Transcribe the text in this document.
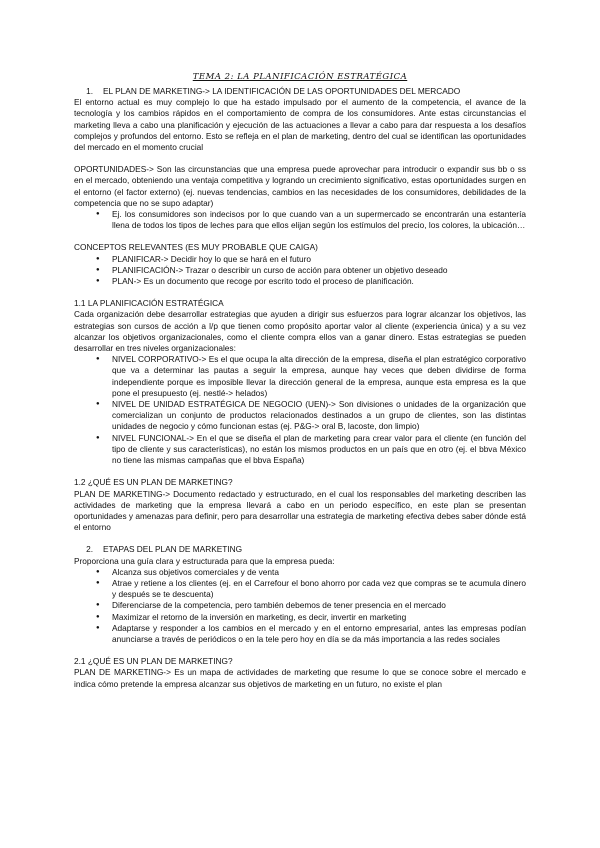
TEMA 2: LA PLANIFICACIÓN ESTRATÉGICA
1. EL PLAN DE MARKETING-> LA IDENTIFICACIÓN DE LAS OPORTUNIDADES DEL MERCADO

El entorno actual es muy complejo lo que ha estado impulsado por el aumento de la competencia, el avance de la tecnología y los cambios rápidos en el comportamiento de compra de los consumidores. Ante estas circunstancias el marketing lleva a cabo una planificación y ejecución de las actuaciones a llevar a cabo para dar respuesta a los desafíos complejos y profundos del entorno. Esto se refleja en el plan de marketing, dentro del cual se identifican las oportunidades del mercado en el momento crucial

OPORTUNIDADES-> Son las circunstancias que una empresa puede aprovechar para introducir o expandir sus bb o ss en el mercado, obteniendo una ventaja competitiva y logrando un crecimiento significativo, estas oportunidades surgen en el entorno (el factor externo) (ej. nuevas tendencias, cambios en las necesidades de los consumidores, debilidades de la competencia que no se supo adaptar)

● Ej. los consumidores son indecisos por lo que cuando van a un supermercado se encontrarán una estantería llena de todos los tipos de leches para que ellos elijan según los estímulos del precio, los colores, la ubicación…
CONCEPTOS RELEVANTES (ES MUY PROBABLE QUE CAIGA)
● PLANIFICAR-> Decidir hoy lo que se hará en el futuro
● PLANIFICACIÓN-> Trazar o describir un curso de acción para obtener un objetivo deseado
● PLAN-> Es un documento que recoge por escrito todo el proceso de planificación.
1.1 LA PLANIFICACIÓN ESTRATÉGICA

Cada organización debe desarrollar estrategias que ayuden a dirigir sus esfuerzos para lograr alcanzar los objetivos, las estrategias son cursos de acción a l/p que tienen como propósito aportar valor al cliente (experiencia única) y a su vez alcanzar los objetivos organizacionales, como el cliente compra ellos van a ganar dinero. Estas estrategias se pueden desarrollar en tres niveles organizacionales:

● NIVEL CORPORATIVO-> Es el que ocupa la alta dirección de la empresa, diseña el plan estratégico corporativo que va a determinar las pautas a seguir la empresa, aunque hay veces que deben dividirse de forma independiente porque es imposible llevar la dirección general de la empresa, aunque esta empresa es la que pone el presupuesto (ej. nestlé-> helados)
● NIVEL DE UNIDAD ESTRATÉGICA DE NEGOCIO (UEN)-> Son divisiones o unidades de la organización que comercializan un conjunto de productos relacionados destinados a un grupo de clientes, son las distintas unidades de negocio y cómo funcionan estas (ej. P&G-> oral B, lacoste, don limpio)
● NIVEL FUNCIONAL-> En el que se diseña el plan de marketing para crear valor para el cliente (en función del tipo de cliente y sus características), no están los mismos productos en un país que en otro (ej. el bbva México no tiene las mismas campañas que el bbva España)
1.2 ¿QUÉ ES UN PLAN DE MARKETING?

PLAN DE MARKETING-> Documento redactado y estructurado, en el cual los responsables del marketing describen las actividades de marketing que la empresa llevará a cabo en un periodo específico, en este plan se presentan oportunidades y amenazas para definir, pero para desarrollar una estrategia de marketing efectiva debes saber dónde está el entorno

2. ETAPAS DEL PLAN DE MARKETING

Proporciona una guía clara y estructurada para que la empresa pueda:

● Alcanza sus objetivos comerciales y de venta
● Atrae y retiene a los clientes (ej. en el Carrefour el bono ahorro por cada vez que compras se te acumula dinero y después se te descuenta)
● Diferenciarse de la competencia, pero también debemos de tener presencia en el mercado
● Maximizar el retorno de la inversión en marketing, es decir, invertir en marketing
● Adaptarse y responder a los cambios en el mercado y en el entorno empresarial, antes las empresas podían anunciarse a través de periódicos o en la tele pero hoy en día se da más importancia a las redes sociales
2.1 ¿QUÉ ES UN PLAN DE MARKETING?

PLAN DE MARKETING-> Es un mapa de actividades de marketing que resume lo que se conoce sobre el mercado e indica cómo pretende la empresa alcanzar sus objetivos de marketing en un futuro, no existe el plan
